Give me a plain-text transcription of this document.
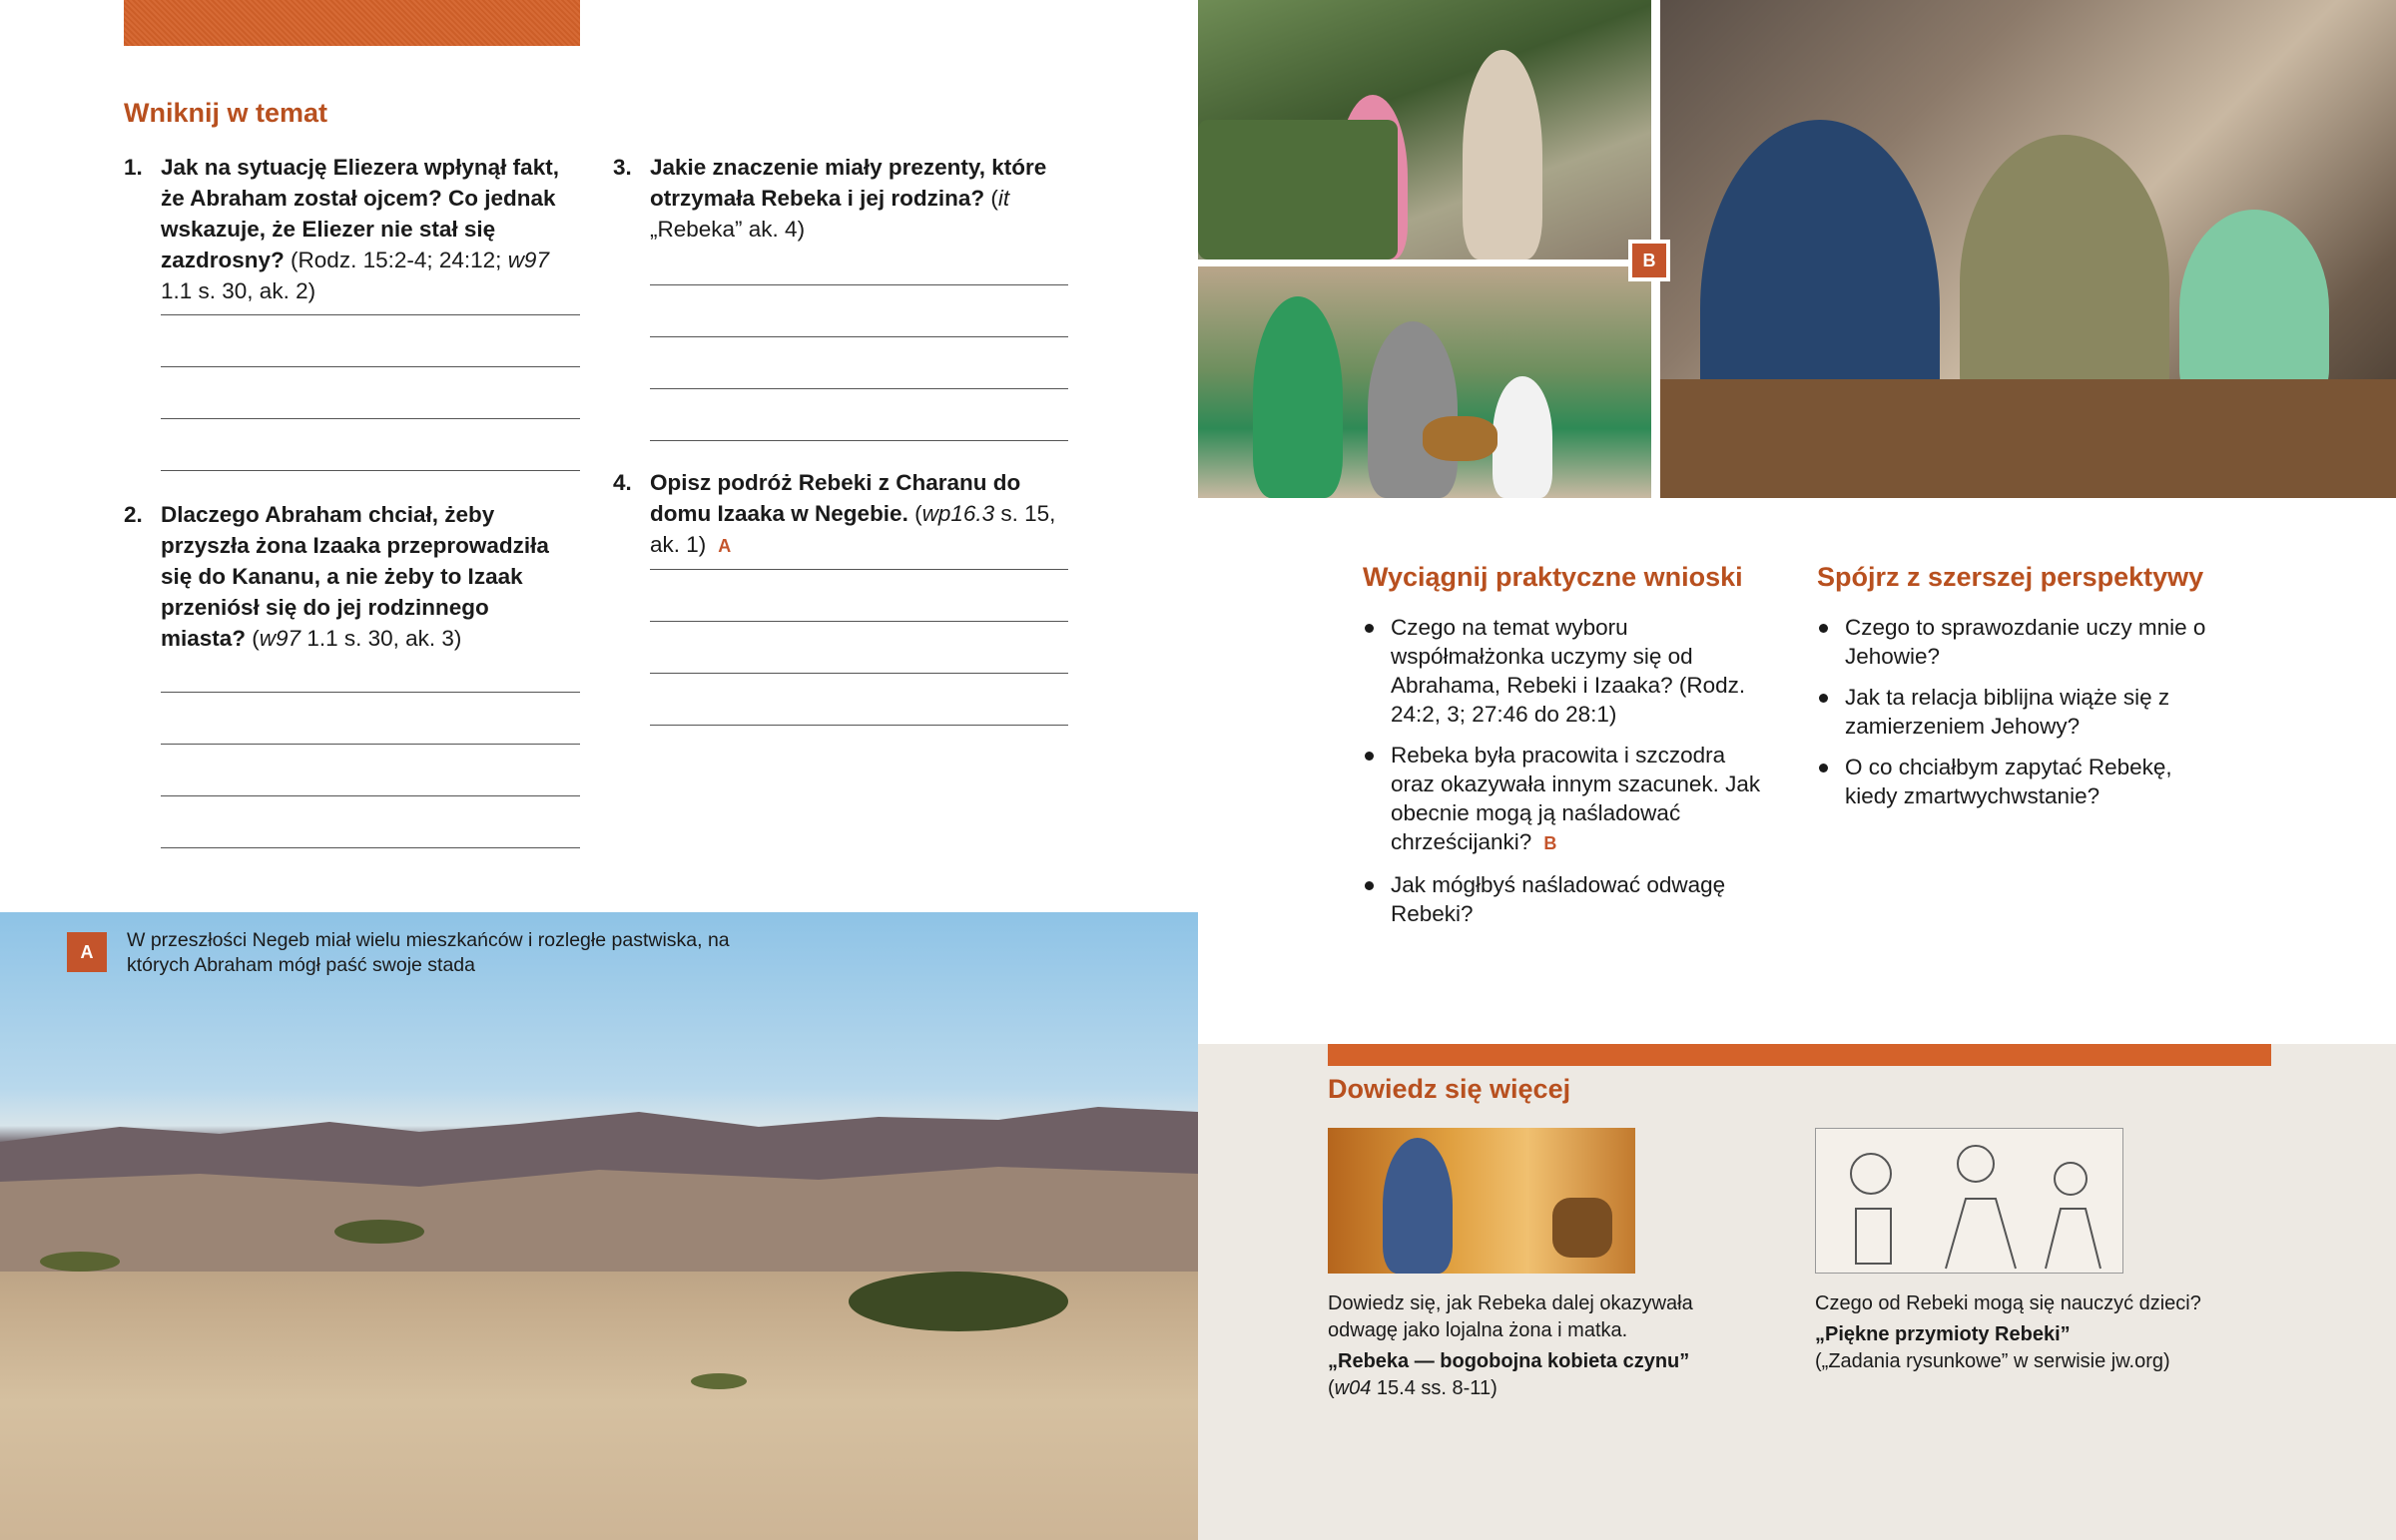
Wniknij w temat
1. Jak na sytuację Eliezera wpłynął fakt, że Abraham został ojcem? Co jednak wskazuje, że Eliezer nie stał się zazdrosny? (Rodz. 15:2-4; 24:12; w97 1.1 s. 30, ak. 2)
2. Dlaczego Abraham chciał, żeby przyszła żona Izaaka przeprowadziła się do Kananu, a nie żeby to Izaak przeniósł się do jej rodzinnego miasta? (w97 1.1 s. 30, ak. 3)
3. Jakie znaczenie miały prezenty, które otrzymała Rebeka i jej rodzina? (it „Rebeka” ak. 4)
4. Opisz podróż Rebeki z Charanu do domu Izaaka w Negebie. (wp16.3 s. 15, ak. 1) A
B
Wyciągnij praktyczne wnioski
Czego na temat wyboru współmałżonka uczymy się od Abrahama, Rebeki i Izaaka? (Rodz. 24:2, 3; 27:46 do 28:1)
Rebeka była pracowita i szczodra oraz okazywała innym szacunek. Jak obecnie mogą ją naśladować chrześcijanki? B
Jak mógłbyś naśladować odwagę Rebeki?
Spójrz z szerszej perspektywy
Czego to sprawozdanie uczy mnie o Jehowie?
Jak ta relacja biblijna wiąże się z zamierzeniem Jehowy?
O co chciałbym zapytać Rebekę, kiedy zmartwychwstanie?
A
W przeszłości Negeb miał wielu mieszkańców i rozległe pastwiska, na których Abraham mógł paść swoje stada
Dowiedz się więcej
Dowiedz się, jak Rebeka dalej okazywała odwagę jako lojalna żona i matka.
„Rebeka — bogobojna kobieta czynu”
(w04 15.4 ss. 8-11)
Czego od Rebeki mogą się nauczyć dzieci?
„Piękne przymioty Rebeki”
(„Zadania rysunkowe” w serwisie jw.org)
